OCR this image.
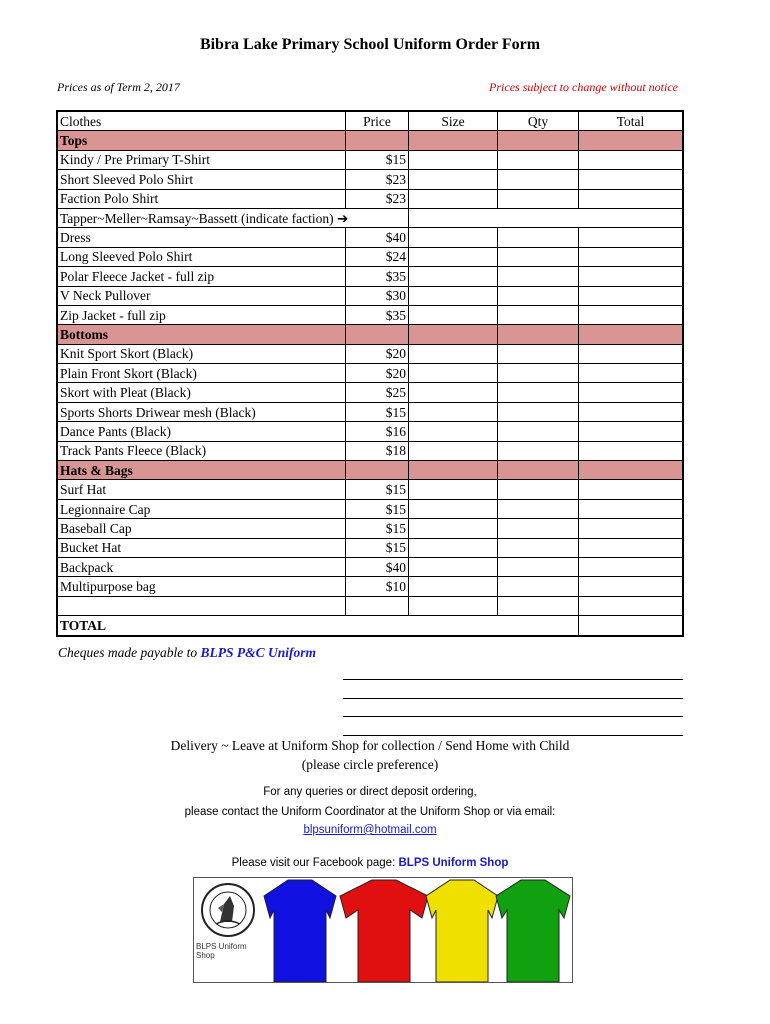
Bibra Lake Primary School Uniform Order Form
Prices as of Term 2, 2017	Prices subject to change without notice
Clothes	Price	Size	Qty	Total
Tops				
Kindy / Pre Primary T-Shirt	$15			
Short Sleeved Polo Shirt	$23			
Faction Polo Shirt	$23			
Tapper~Meller~Ramsay~Bassett (indicate faction) ➔				
Dress	$40			
Long Sleeved Polo Shirt	$24			
Polar Fleece Jacket - full zip	$35			
V Neck Pullover	$30			
Zip Jacket - full zip	$35			
Bottoms				
Knit Sport Skort (Black)	$20			
Plain Front Skort (Black)	$20			
Skort with Pleat (Black)	$25			
Sports Shorts Driwear mesh (Black)	$15			
Dance Pants (Black)	$16			
Track Pants Fleece (Black)	$18			
Hats & Bags				
Surf Hat	$15			
Legionnaire Cap	$15			
Baseball Cap	$15			
Bucket Hat	$15			
Backpack	$40			
Multipurpose bag	$10			

TOTAL				
Cheques made payable to BLPS P&C Uniform
Delivery ~ Leave at Uniform Shop for collection / Send Home with Child
(please circle preference)
For any queries or direct deposit ordering,
please contact the Uniform Coordinator at the Uniform Shop or via email:
blpsuniform@hotmail.com
Please visit our Facebook page: BLPS Uniform Shop
BLPS Uniform Shop
